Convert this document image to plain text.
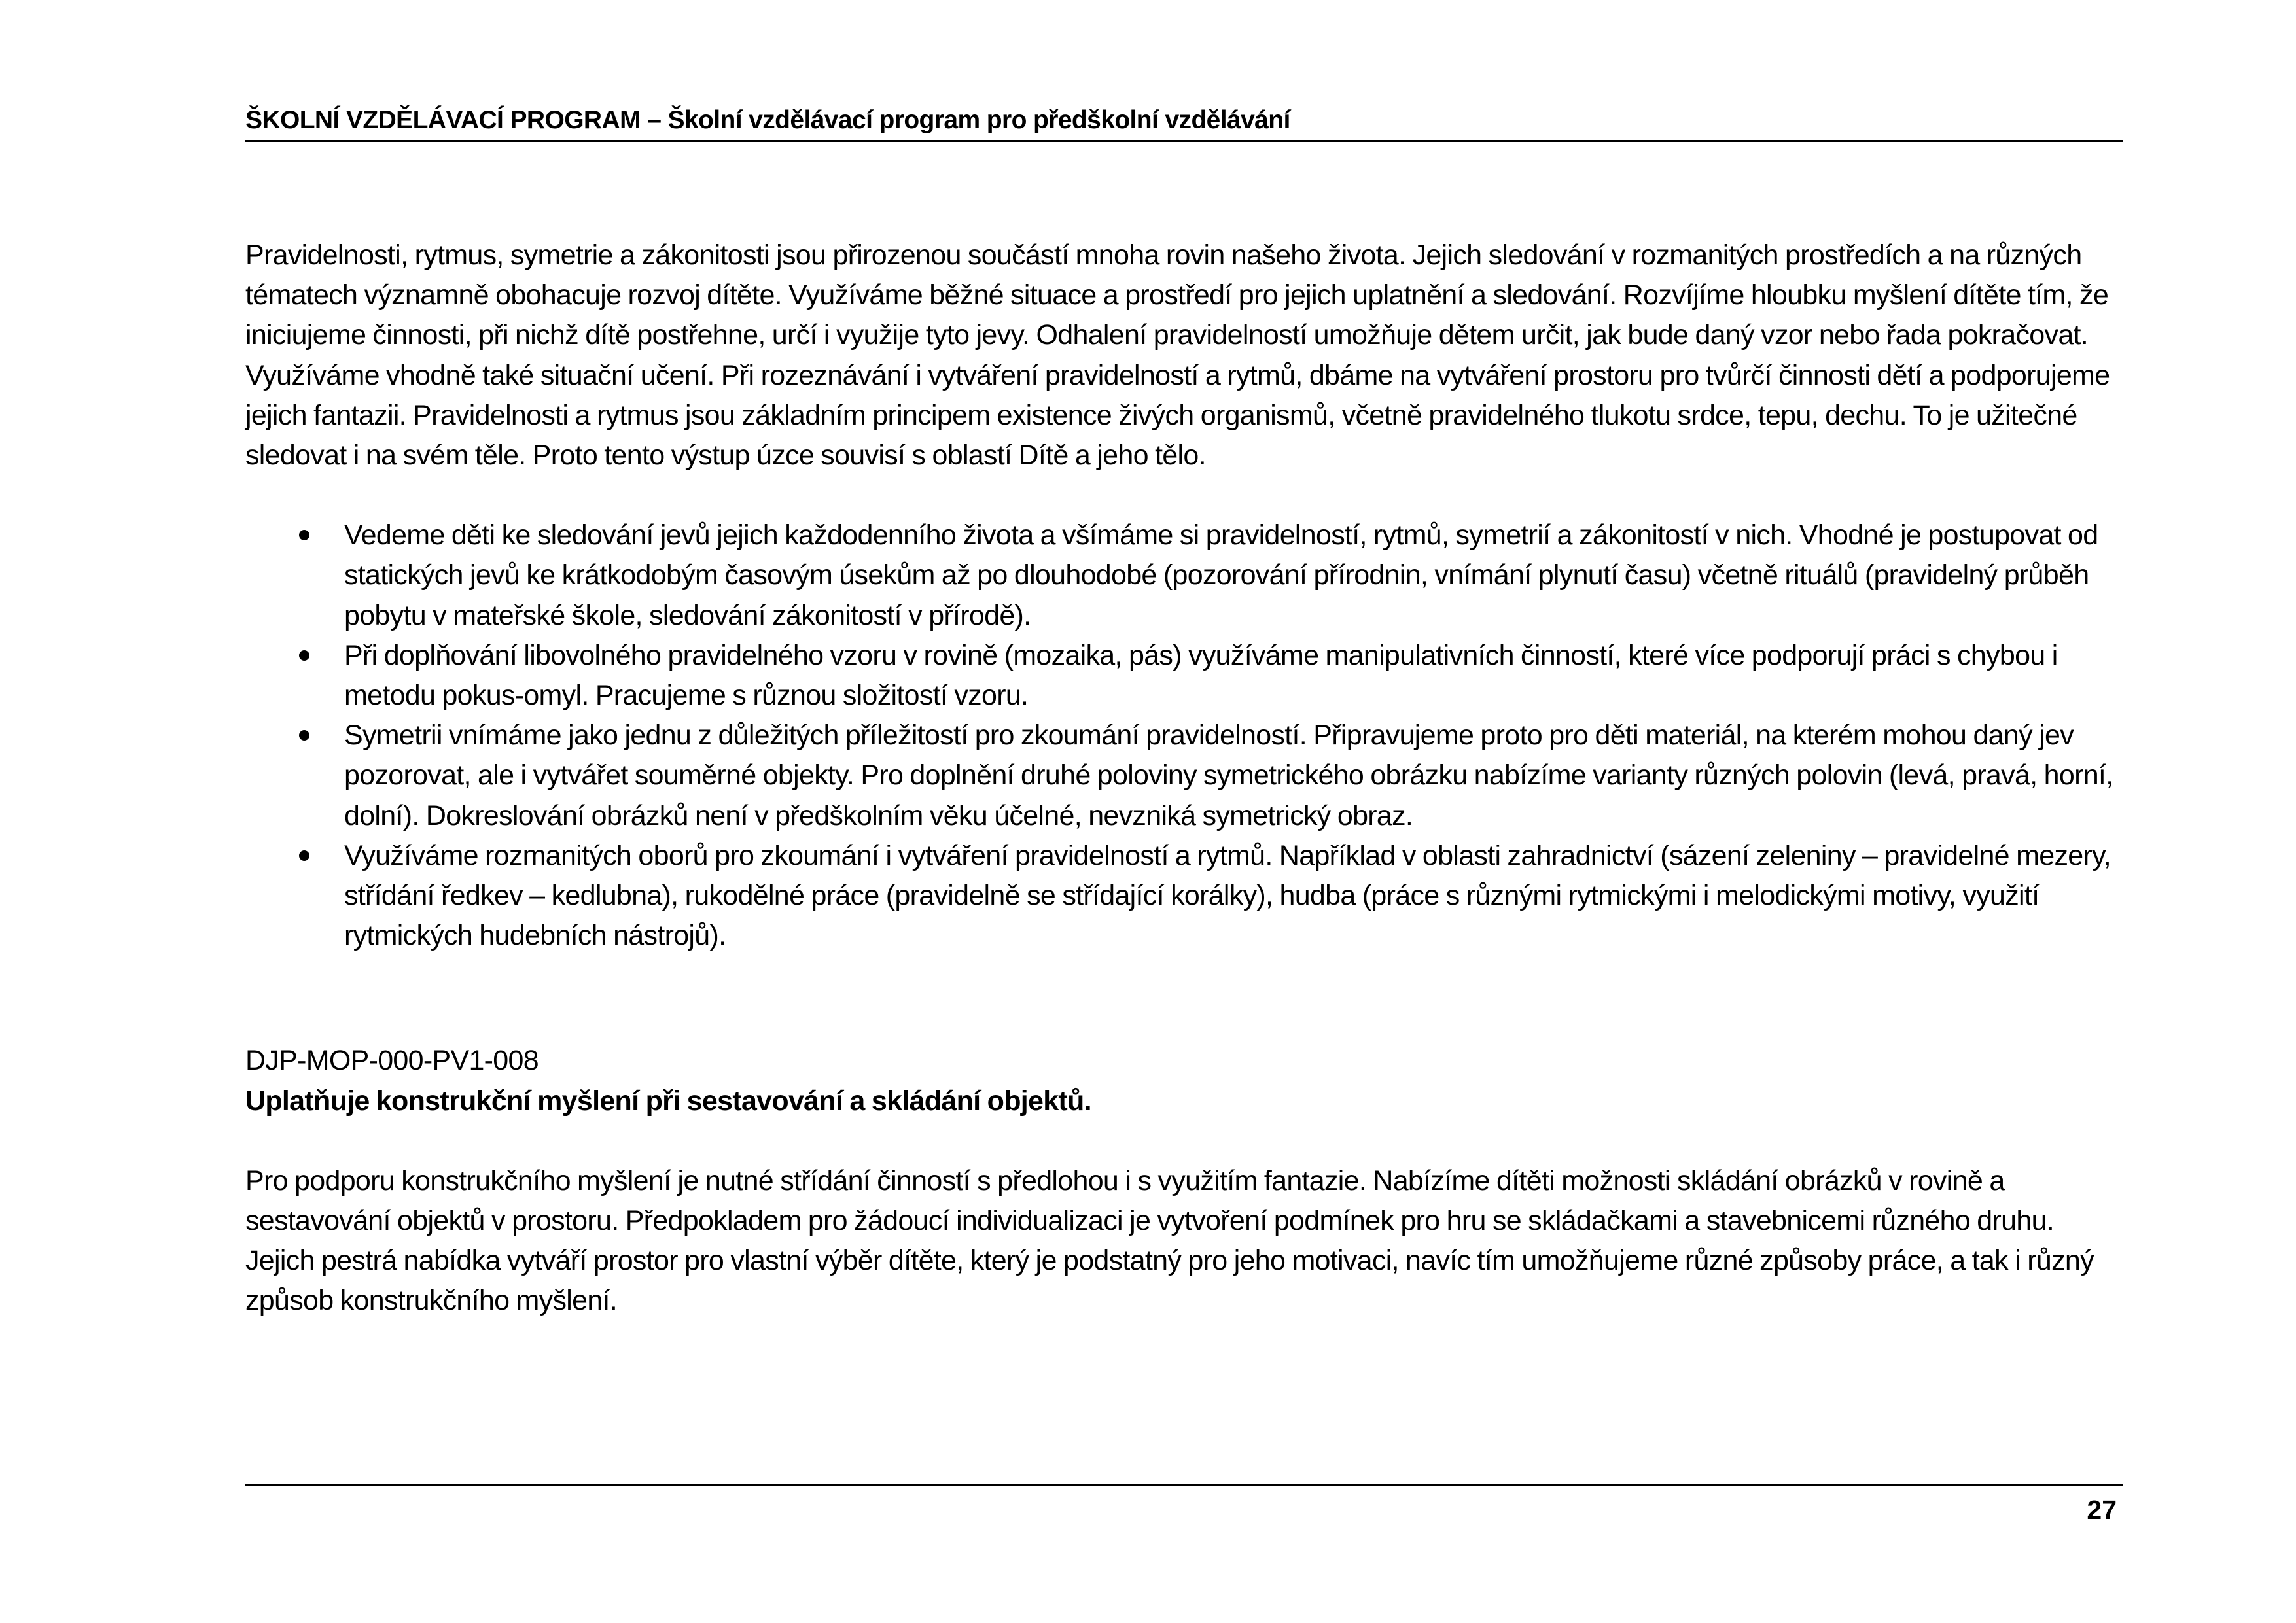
ŠKOLNÍ VZDĚLÁVACÍ PROGRAM – Školní vzdělávací program pro předškolní vzdělávání

Pravidelnosti, rytmus, symetrie a zákonitosti jsou přirozenou součástí mnoha rovin našeho života. Jejich sledování v rozmanitých prostředích a na různých tématech významně obohacuje rozvoj dítěte. Využíváme běžné situace a prostředí pro jejich uplatnění a sledování. Rozvíjíme hloubku myšlení dítěte tím, že iniciujeme činnosti, při nichž dítě postřehne, určí i využije tyto jevy. Odhalení pravidelností umožňuje dětem určit, jak bude daný vzor nebo řada pokračovat. Využíváme vhodně také situační učení. Při rozeznávání i vytváření pravidelností a rytmů, dbáme na vytváření prostoru pro tvůrčí činnosti dětí a podporujeme jejich fantazii. Pravidelnosti a rytmus jsou základním principem existence živých organismů, včetně pravidelného tlukotu srdce, tepu, dechu. To je užitečné sledovat i na svém těle. Proto tento výstup úzce souvisí s oblastí Dítě a jeho tělo.

Vedeme děti ke sledování jevů jejich každodenního života a všímáme si pravidelností, rytmů, symetrií a zákonitostí v nich. Vhodné je postupovat od statických jevů ke krátkodobým časovým úsekům až po dlouhodobé (pozorování přírodnin, vnímání plynutí času) včetně rituálů (pravidelný průběh pobytu v mateřské škole, sledování zákonitostí v přírodě).
Při doplňování libovolného pravidelného vzoru v rovině (mozaika, pás) využíváme manipulativních činností, které více podporují práci s chybou i metodu pokus-omyl. Pracujeme s různou složitostí vzoru.
Symetrii vnímáme jako jednu z důležitých příležitostí pro zkoumání pravidelností. Připravujeme proto pro děti materiál, na kterém mohou daný jev pozorovat, ale i vytvářet souměrné objekty. Pro doplnění druhé poloviny symetrického obrázku nabízíme varianty různých polovin (levá, pravá, horní, dolní). Dokreslování obrázků není v předškolním věku účelné, nevzniká symetrický obraz.
Využíváme rozmanitých oborů pro zkoumání i vytváření pravidelností a rytmů. Například v oblasti zahradnictví (sázení zeleniny – pravidelné mezery, střídání ředkev – kedlubna), rukodělné práce (pravidelně se střídající korálky), hudba (práce s různými rytmickými i melodickými motivy, využití rytmických hudebních nástrojů).

DJP-MOP-000-PV1-008

Uplatňuje konstrukční myšlení při sestavování a skládání objektů.

Pro podporu konstrukčního myšlení je nutné střídání činností s předlohou i s využitím fantazie. Nabízíme dítěti možnosti skládání obrázků v rovině a sestavování objektů v prostoru. Předpokladem pro žádoucí individualizaci je vytvoření podmínek pro hru se skládačkami a stavebnicemi různého druhu. Jejich pestrá nabídka vytváří prostor pro vlastní výběr dítěte, který je podstatný pro jeho motivaci, navíc tím umožňujeme různé způsoby práce, a tak i různý způsob konstrukčního myšlení.

27
